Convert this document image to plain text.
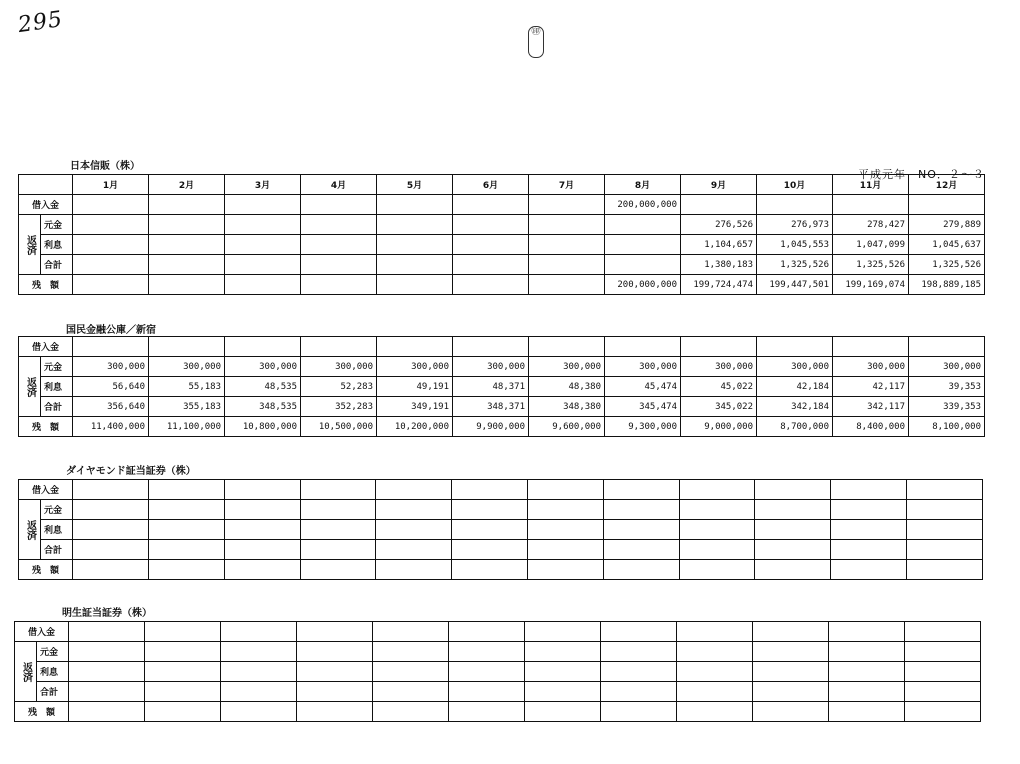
295	㊞
平成元年　NO．２～３
日本信販（株）
		1月	2月	3月	4月	5月	6月	7月	8月	9月	10月	11月	12月
借入金									200,000,000				
返済	元金									276,526	276,973	278,427	279,889
	利息									1,104,657	1,045,553	1,047,099	1,045,637
	合計									1,380,183	1,325,526	1,325,526	1,325,526
残　額									200,000,000	199,724,474	199,447,501	199,169,074	198,889,185
国民金融公庫／新宿
借入金													
返済	元金	300,000	300,000	300,000	300,000	300,000	300,000	300,000	300,000	300,000	300,000	300,000	300,000
	利息	56,640	55,183	48,535	52,283	49,191	48,371	48,380	45,474	45,022	42,184	42,117	39,353
	合計	356,640	355,183	348,535	352,283	349,191	348,371	348,380	345,474	345,022	342,184	342,117	339,353
残　額		11,400,000	11,100,000	10,800,000	10,500,000	10,200,000	9,900,000	9,600,000	9,300,000	9,000,000	8,700,000	8,400,000	8,100,000
ダイヤモンド証当証券（株）
借入金													
返済	元金												
	利息												
	合計												
残　額													
明生証当証券（株）
借入金													
返済	元金												
	利息												
	合計												
残　額													
